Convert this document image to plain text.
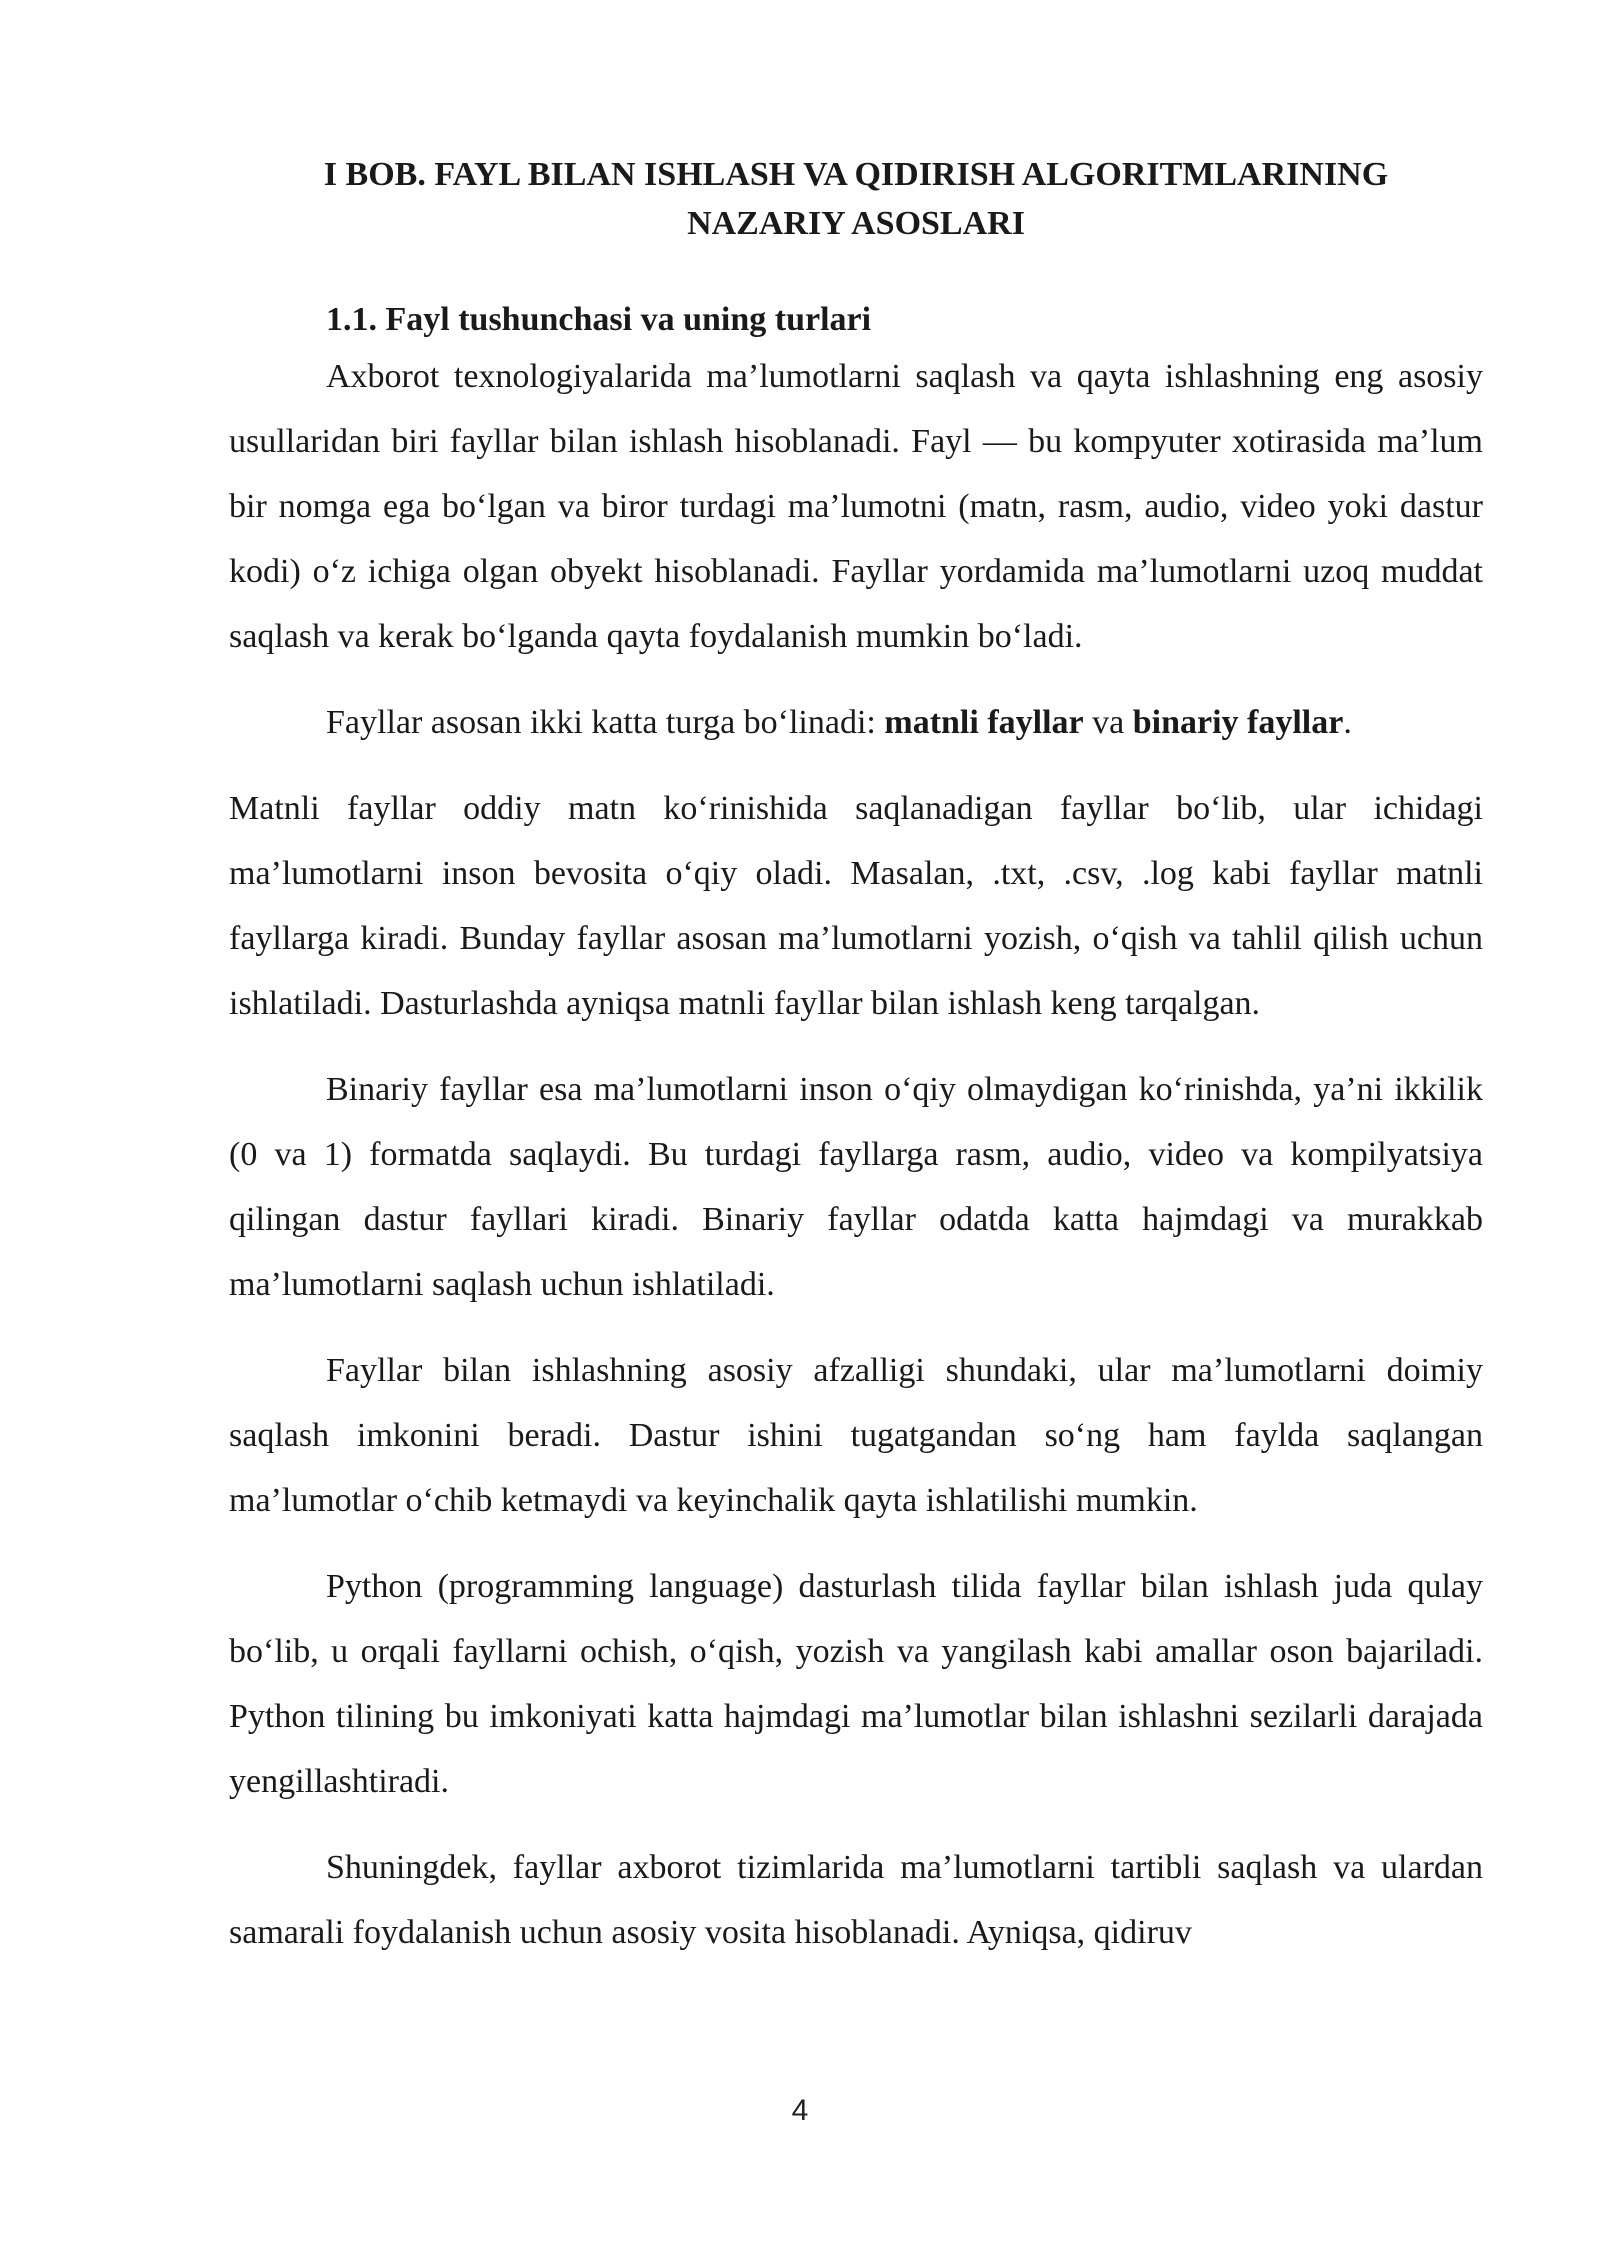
I BOB. FAYL BILAN ISHLASH VA QIDIRISH ALGORITMLARINING NAZARIY ASOSLARI
1.1. Fayl tushunchasi va uning turlari

Axborot texnologiyalarida ma’lumotlarni saqlash va qayta ishlashning eng asosiy usullaridan biri fayllar bilan ishlash hisoblanadi. Fayl — bu kompyuter xotirasida ma’lum bir nomga ega bo‘lgan va biror turdagi ma’lumotni (matn, rasm, audio, video yoki dastur kodi) o‘z ichiga olgan obyekt hisoblanadi. Fayllar yordamida ma’lumotlarni uzoq muddat saqlash va kerak bo‘lganda qayta foydalanish mumkin bo‘ladi.

Fayllar asosan ikki katta turga bo‘linadi: matnli fayllar va binariy fayllar.

Matnli fayllar oddiy matn ko‘rinishida saqlanadigan fayllar bo‘lib, ular ichidagi ma’lumotlarni inson bevosita o‘qiy oladi. Masalan, .txt, .csv, .log kabi fayllar matnli fayllarga kiradi. Bunday fayllar asosan ma’lumotlarni yozish, o‘qish va tahlil qilish uchun ishlatiladi. Dasturlashda ayniqsa matnli fayllar bilan ishlash keng tarqalgan.

Binariy fayllar esa ma’lumotlarni inson o‘qiy olmaydigan ko‘rinishda, ya’ni ikkilik (0 va 1) formatda saqlaydi. Bu turdagi fayllarga rasm, audio, video va kompilyatsiya qilingan dastur fayllari kiradi. Binariy fayllar odatda katta hajmdagi va murakkab ma’lumotlarni saqlash uchun ishlatiladi.

Fayllar bilan ishlashning asosiy afzalligi shundaki, ular ma’lumotlarni doimiy saqlash imkonini beradi. Dastur ishini tugatgandan so‘ng ham faylda saqlangan ma’lumotlar o‘chib ketmaydi va keyinchalik qayta ishlatilishi mumkin.

Python (programming language) dasturlash tilida fayllar bilan ishlash juda qulay bo‘lib, u orqali fayllarni ochish, o‘qish, yozish va yangilash kabi amallar oson bajariladi. Python tilining bu imkoniyati katta hajmdagi ma’lumotlar bilan ishlashni sezilarli darajada yengillashtiradi.

Shuningdek, fayllar axborot tizimlarida ma’lumotlarni tartibli saqlash va ulardan samarali foydalanish uchun asosiy vosita hisoblanadi. Ayniqsa, qidiruv

4
